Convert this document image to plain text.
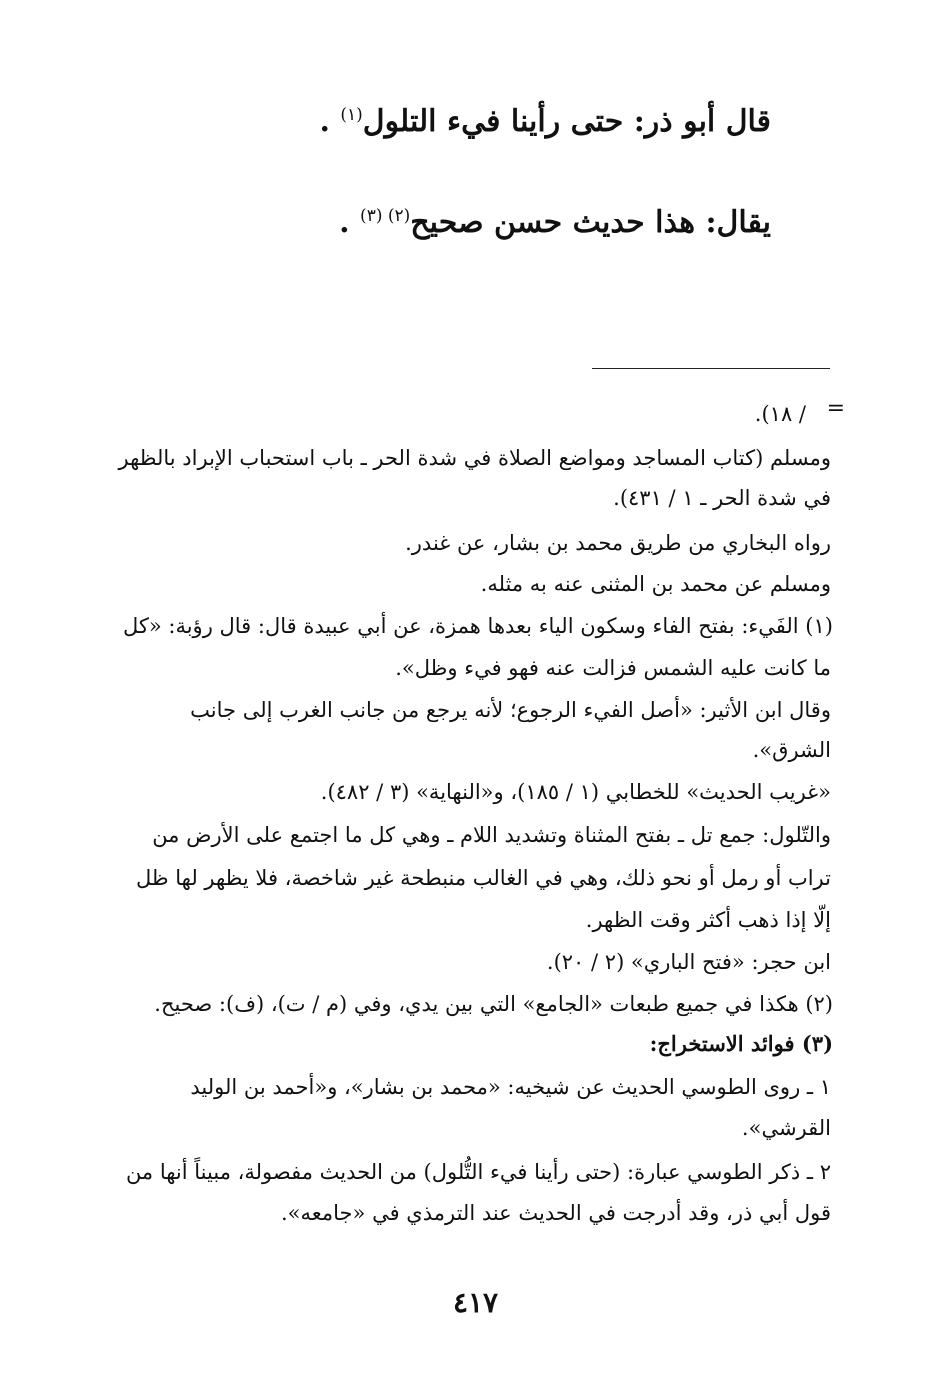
قال أبو ذر: حتى رأينا فيء التلول$^{(١)}$ .
يقال: هذا حديث حسن صحيح$^{(٢) (٣)}$ .
=
/ ١٨).
ومسلم (كتاب المساجد ومواضع الصلاة في شدة الحر ـ باب استحباب الإبراد بالظهر
في شدة الحر ـ ١ / ٤٣١).
رواه البخاري من طريق محمد بن بشار، عن غندر.
ومسلم عن محمد بن المثنى عنه به مثله.
(١) الفَيء: بفتح الفاء وسكون الياء بعدها همزة، عن أبي عبيدة قال: قال رؤبة: «كل
ما كانت عليه الشمس فزالت عنه فهو فيء وظل».
وقال ابن الأثير: «أصل الفيء الرجوع؛ لأنه يرجع من جانب الغرب إلى جانب
الشرق».
«غريب الحديث» للخطابي (١ / ١٨٥)، و«النهاية» (٣ / ٤٨٢).
والتّلول: جمع تل ـ بفتح المثناة وتشديد اللام ـ وهي كل ما اجتمع على الأرض من
تراب أو رمل أو نحو ذلك، وهي في الغالب منبطحة غير شاخصة، فلا يظهر لها ظل
إلّا إذا ذهب أكثر وقت الظهر.
ابن حجر: «فتح الباري» (٢ / ٢٠).
(٢) هكذا في جميع طبعات «الجامع» التي بين يدي، وفي (م / ت)، (ف): صحيح.
(٣) فوائد الاستخراج:
١ ـ روى الطوسي الحديث عن شيخيه: «محمد بن بشار»، و«أحمد بن الوليد
القرشي».
٢ ـ ذكر الطوسي عبارة: (حتى رأينا فيء التُّلول) من الحديث مفصولة، مبيناً أنها من
قول أبي ذر، وقد أدرجت في الحديث عند الترمذي في «جامعه».
٤١٧
